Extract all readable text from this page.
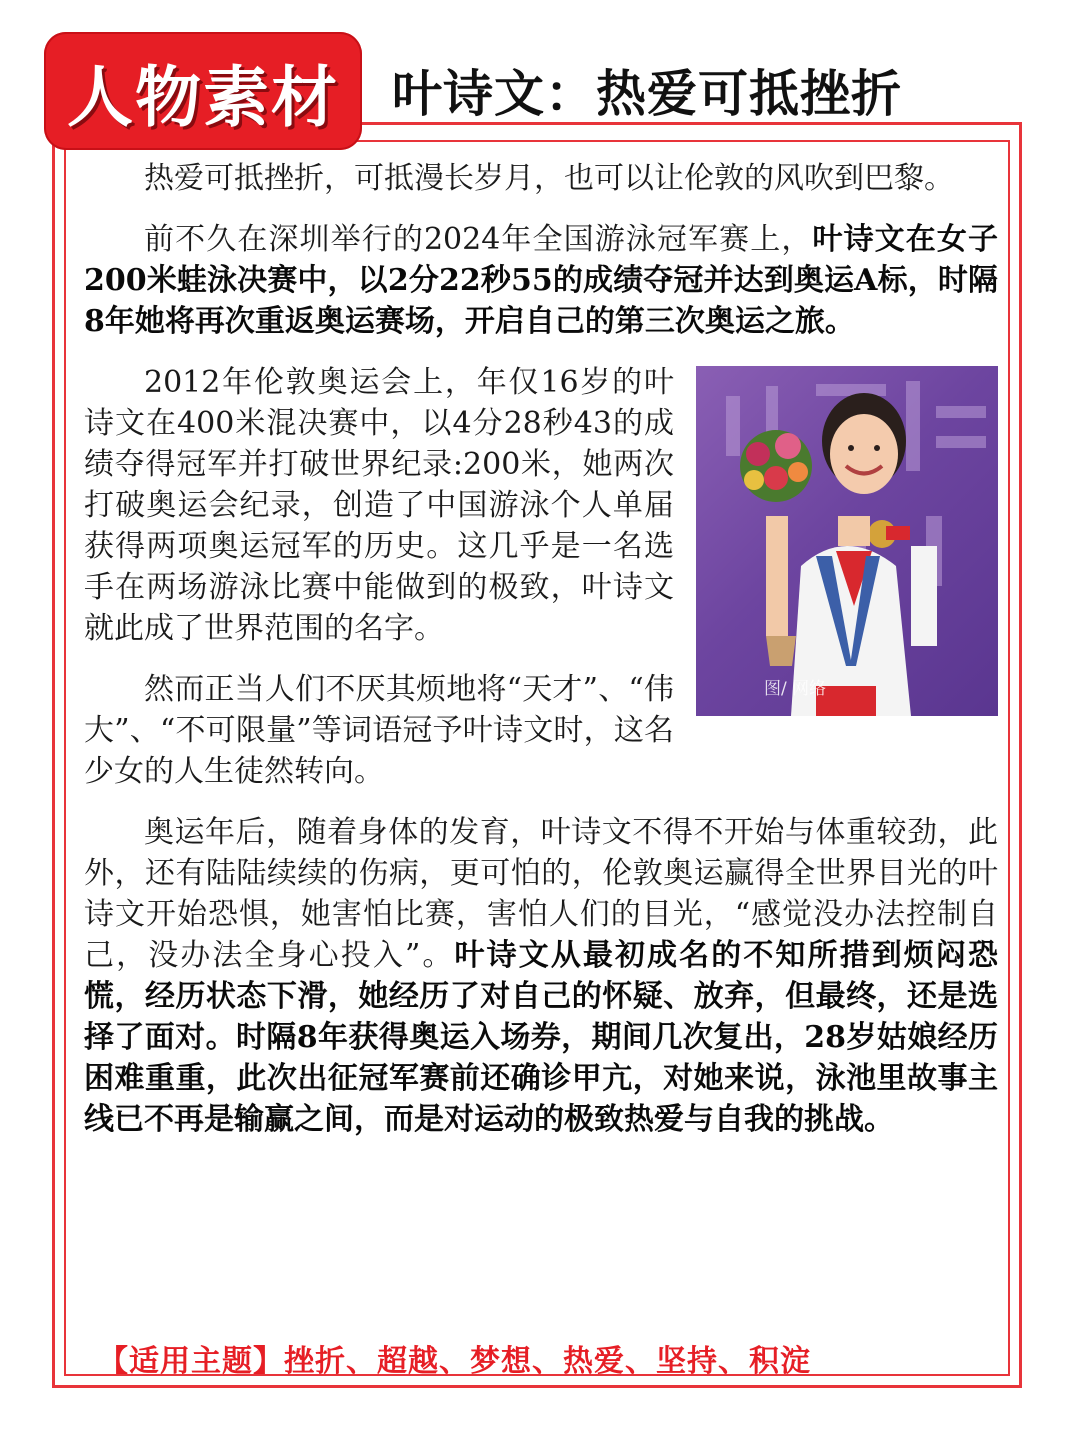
人物素材 叶诗文：热爱可抵挫折

热爱可抵挫折，可抵漫长岁月，也可以让伦敦的风吹到巴黎。

前不久在深圳举行的2024年全国游泳冠军赛上，叶诗文在女子200米蛙泳决赛中，以2分22秒55的成绩夺冠并达到奥运A标，时隔8年她将再次重返奥运赛场，开启自己的第三次奥运之旅。

图/ 网络
2012年伦敦奥运会上，年仅16岁的叶诗文在400米混决赛中，以4分28秒43的成绩夺得冠军并打破世界纪录:200米，她两次打破奥运会纪录，创造了中国游泳个人单届获得两项奥运冠军的历史。这几乎是一名选手在两场游泳比赛中能做到的极致，叶诗文就此成了世界范围的名字。

然而正当人们不厌其烦地将“天才”、“伟大”、“不可限量”等词语冠予叶诗文时，这名少女的人生徒然转向。

奥运年后，随着身体的发育，叶诗文不得不开始与体重较劲，此外，还有陆陆续续的伤病，更可怕的，伦敦奥运赢得全世界目光的叶诗文开始恐惧，她害怕比赛，害怕人们的目光，“感觉没办法控制自己，没办法全身心投入”。叶诗文从最初成名的不知所措到烦闷恐慌，经历状态下滑，她经历了对自己的怀疑、放弃，但最终，还是选择了面对。时隔8年获得奥运入场券，期间几次复出，28岁姑娘经历困难重重，此次出征冠军赛前还确诊甲亢，对她来说，泳池里故事主线已不再是输赢之间，而是对运动的极致热爱与自我的挑战。

【适用主题】挫折、超越、梦想、热爱、坚持、积淀
